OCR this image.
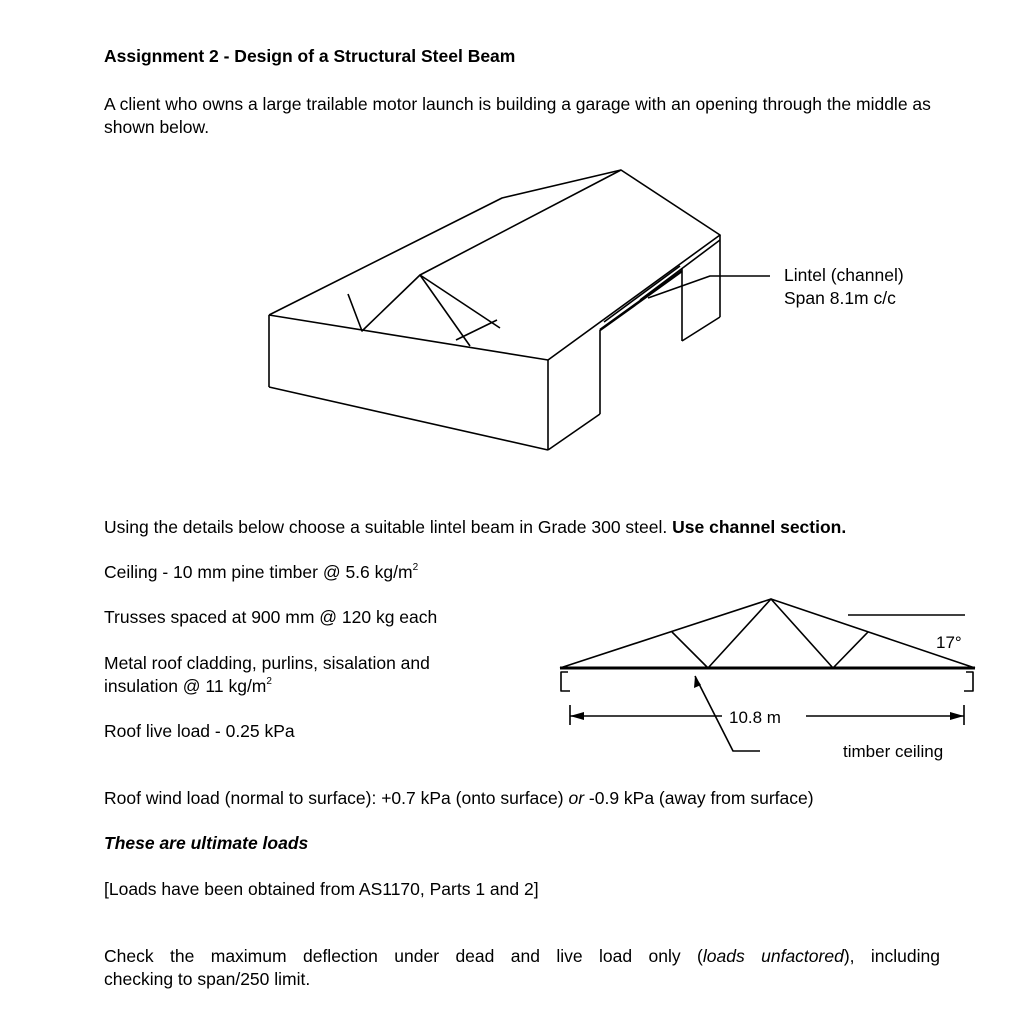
Assignment 2 - Design of a Structural Steel Beam

A client who owns a large trailable motor launch is building a garage with an opening through the middle as shown below.

Lintel (channel)

Span 8.1m c/c

Using the details below choose a suitable lintel beam in Grade 300 steel. Use channel section.

Ceiling - 10 mm pine timber @ 5.6 $kg/m^2$

Trusses spaced at 900 mm @ 120 kg each

Metal roof cladding, purlins, sisalation and

insulation @ 11 $kg/m^2$

Roof live load - 0.25 kPa

17°
10.8 m
timber ceiling

Roof wind load (normal to surface): +0.7 kPa (onto surface) or -0.9 kPa (away from surface)

These are ultimate loads

[Loads have been obtained from AS1170, Parts 1 and 2]

Check the maximum deflection under dead and live load only (loads unfactored), including

checking to span/250 limit.
